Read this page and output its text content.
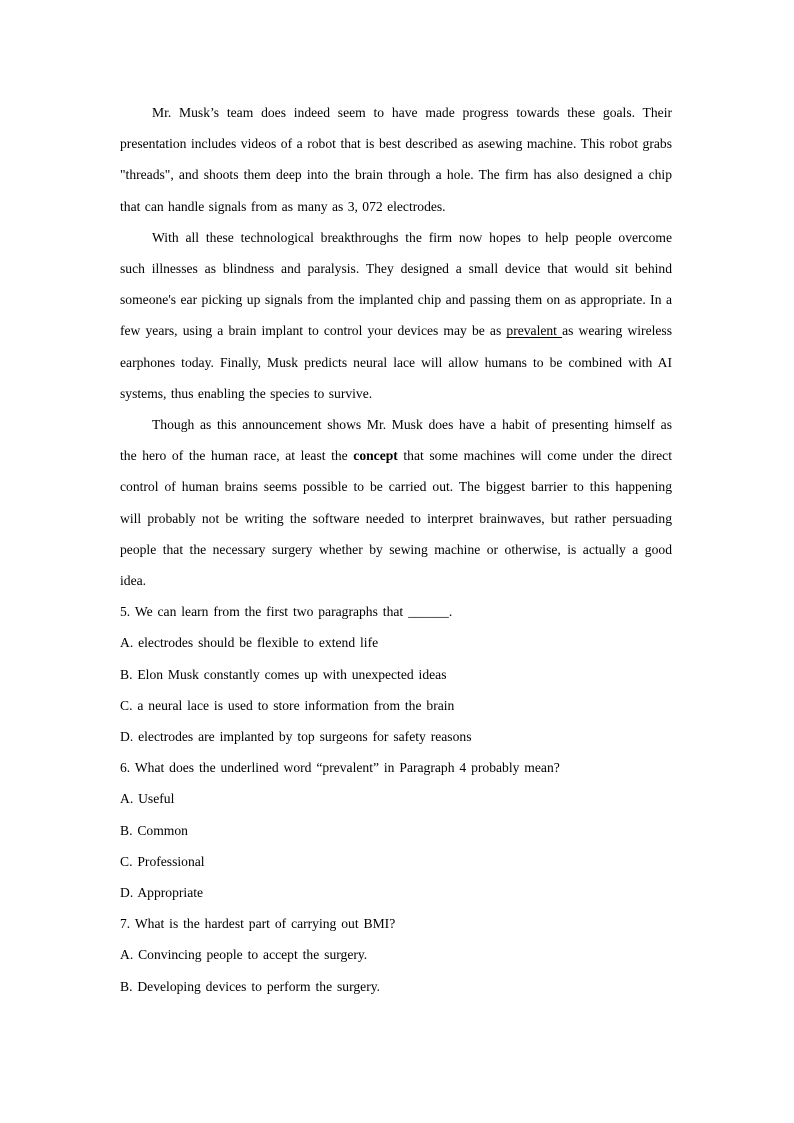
Mr. Musk’s team does indeed seem to have made progress towards these goals. Their presentation includes videos of a robot that is best described as asewing machine. This robot grabs "threads", and shoots them deep into the brain through a hole. The firm has also designed a chip that can handle signals from as many as 3, 072 electrodes.

With all these technological breakthroughs the firm now hopes to help people overcome such illnesses as blindness and paralysis. They designed a small device that would sit behind someone's ear picking up signals from the implanted chip and passing them on as appropriate. In a few years, using a brain implant to control your devices may be as prevalent as wearing wireless earphones today. Finally, Musk predicts neural lace will allow humans to be combined with AI systems, thus enabling the species to survive.

Though as this announcement shows Mr. Musk does have a habit of presenting himself as the hero of the human race, at least the concept that some machines will come under the direct control of human brains seems possible to be carried out. The biggest barrier to this happening will probably not be writing the software needed to interpret brainwaves, but rather persuading people that the necessary surgery whether by sewing machine or otherwise, is actually a good idea.

5. We can learn from the first two paragraphs that ______.

A. electrodes should be flexible to extend life

B. Elon Musk constantly comes up with unexpected ideas

C. a neural lace is used to store information from the brain

D. electrodes are implanted by top surgeons for safety reasons

6. What does the underlined word “prevalent” in Paragraph 4 probably mean?

A. Useful

B. Common

C. Professional

D. Appropriate

7. What is the hardest part of carrying out BMI?

A. Convincing people to accept the surgery.

B. Developing devices to perform the surgery.
